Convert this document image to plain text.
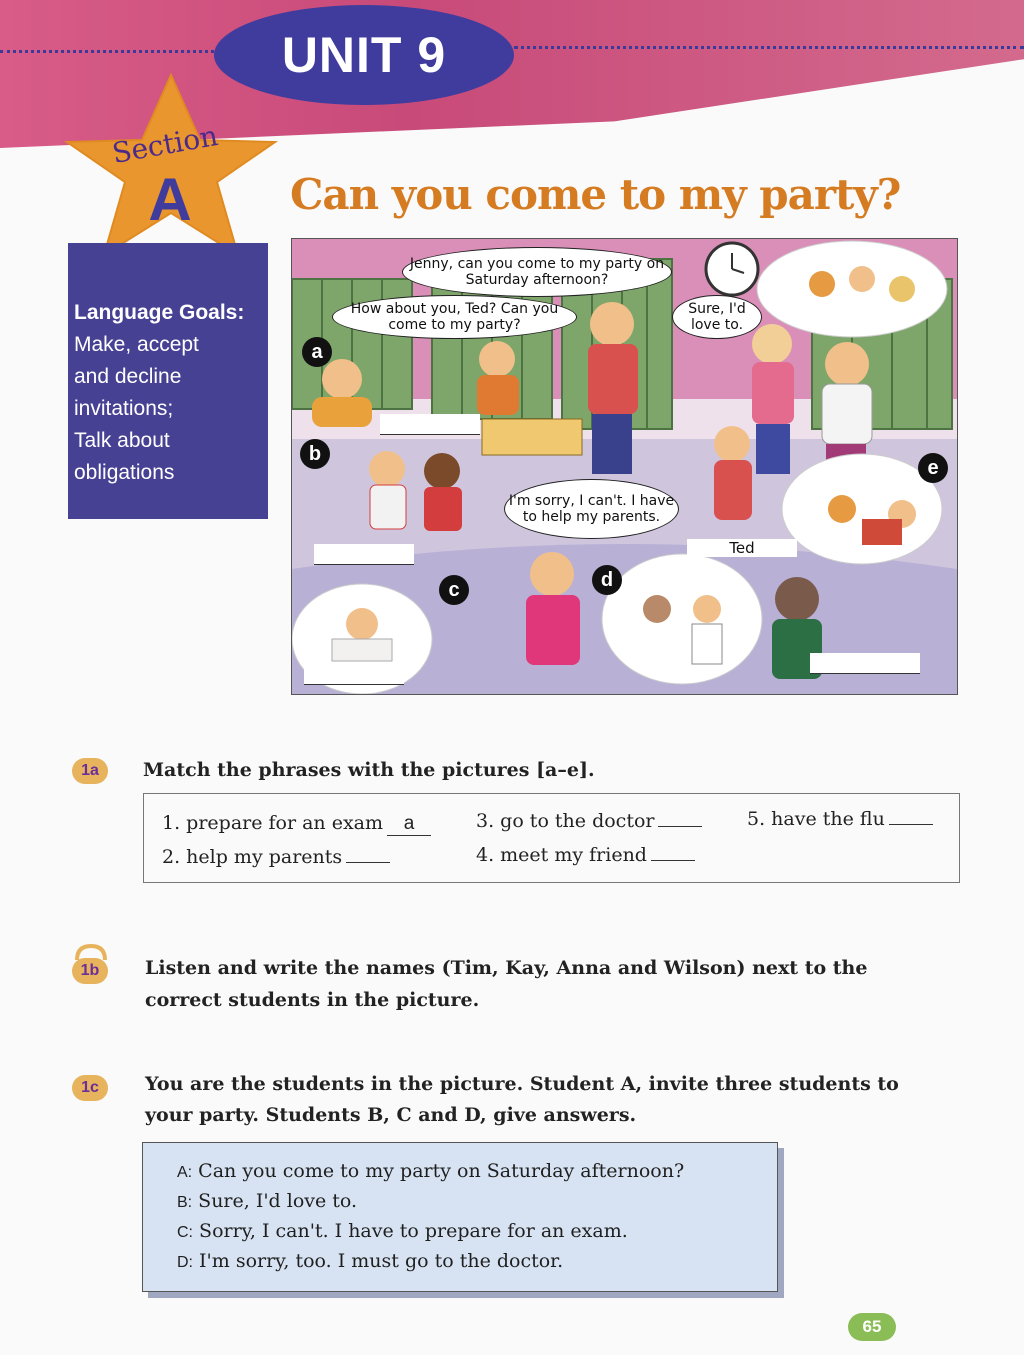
UNIT 9
Section
A	Can you come to my party?
Language Goals:
Make, accept
and decline
invitations;
Talk about
obligations
Jenny, can you come to my party on Saturday afternoon?
How about you, Ted? Can you come to my party?
Sure, I'd love to.
I'm sorry, I can't. I have to help my parents.
a
b
c	d
e
Ted
1a	Match the phrases with the pictures [a–e].
1. prepare for an exam a	3. go to the doctor	5. have the flu
2. help my parents	4. meet my friend
1b	Listen and write the names (Tim, Kay, Anna and Wilson) next to the
correct students in the picture.
1c	You are the students in the picture. Student A, invite three students to
your party. Students B, C and D, give answers.
A: Can you come to my party on Saturday afternoon?
B: Sure, I'd love to.
C: Sorry, I can't. I have to prepare for an exam.
D: I'm sorry, too. I must go to the doctor.
65
